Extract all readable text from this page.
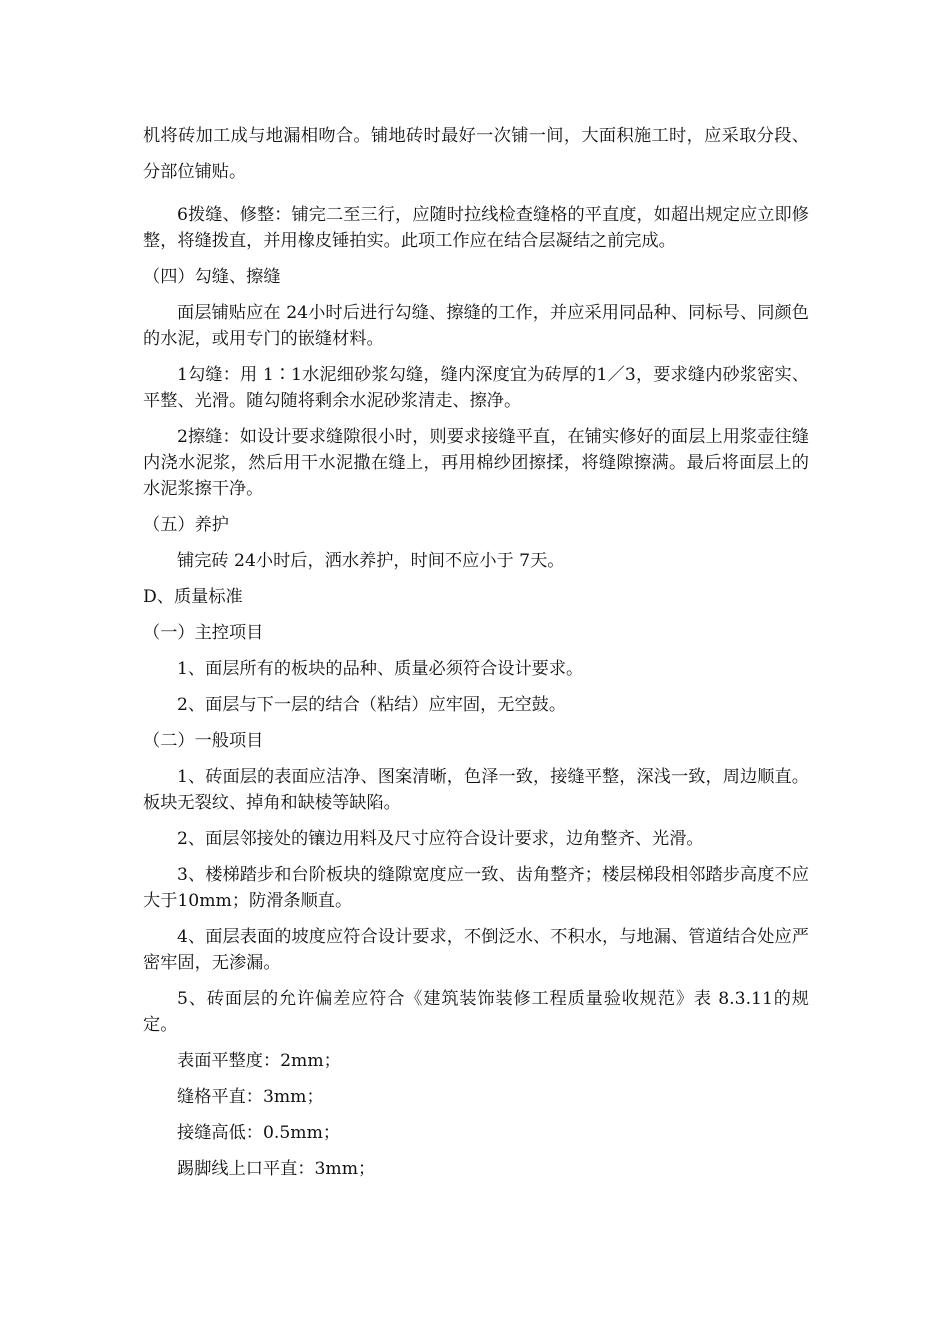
机将砖加工成与地漏相吻合。铺地砖时最好一次铺一间，大面积施工时，应采取分段、分部位铺贴。

6拨缝、修整：铺完二至三行，应随时拉线检查缝格的平直度，如超出规定应立即修整，将缝拨直，并用橡皮锤拍实。此项工作应在结合层凝结之前完成。

（四）勾缝、擦缝

面层铺贴应在 24小时后进行勾缝、擦缝的工作，并应采用同品种、同标号、同颜色的水泥，或用专门的嵌缝材料。

1勾缝：用 1∶1水泥细砂浆勾缝，缝内深度宜为砖厚的1／3，要求缝内砂浆密实、平整、光滑。随勾随将剩余水泥砂浆清走、擦净。

2擦缝：如设计要求缝隙很小时，则要求接缝平直，在铺实修好的面层上用浆壶往缝内浇水泥浆，然后用干水泥撒在缝上，再用棉纱团擦揉，将缝隙擦满。最后将面层上的水泥浆擦干净。

（五）养护

铺完砖 24小时后，洒水养护，时间不应小于 7天。

D、质量标准

（一）主控项目

1、面层所有的板块的品种、质量必须符合设计要求。

2、面层与下一层的结合（粘结）应牢固，无空鼓。

（二）一般项目

1、砖面层的表面应洁净、图案清晰，色泽一致，接缝平整，深浅一致，周边顺直。板块无裂纹、掉角和缺棱等缺陷。

2、面层邻接处的镶边用料及尺寸应符合设计要求，边角整齐、光滑。

3、楼梯踏步和台阶板块的缝隙宽度应一致、齿角整齐；楼层梯段相邻踏步高度不应大于10mm；防滑条顺直。

4、面层表面的坡度应符合设计要求，不倒泛水、不积水，与地漏、管道结合处应严密牢固，无渗漏。

5、砖面层的允许偏差应符合《建筑装饰装修工程质量验收规范》表 8.3.11的规定。

表面平整度：2mm；

缝格平直：3mm；

接缝高低：0.5mm；

踢脚线上口平直：3mm；
